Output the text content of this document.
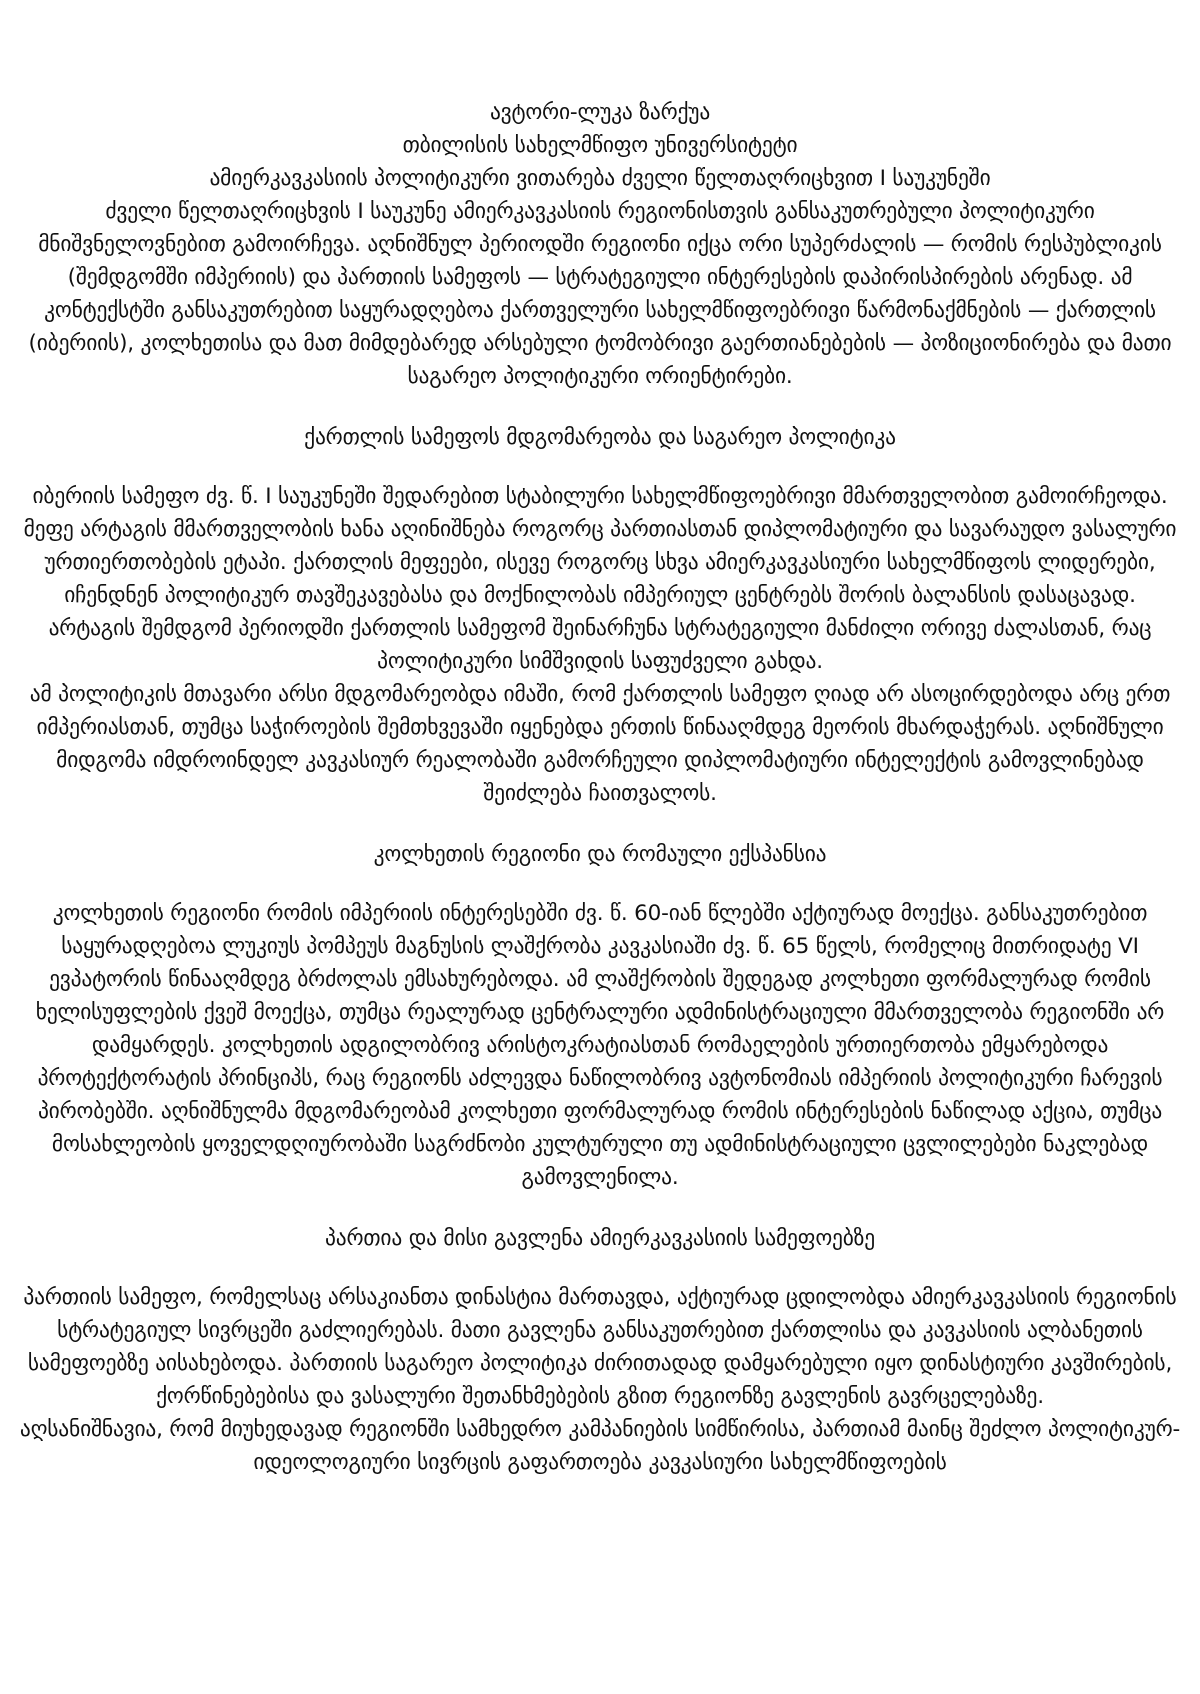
ავტორი-ლუკა ზარქუა

თბილისის სახელმწიფო უნივერსიტეტი

ამიერკავკასიის პოლიტიკური ვითარება ძველი წელთაღრიცხვით I საუკუნეში

ძველი წელთაღრიცხვის I საუკუნე ამიერკავკასიის რეგიონისთვის განსაკუთრებული პოლიტიკური მნიშვნელოვნებით გამოირჩევა. აღნიშნულ პერიოდში რეგიონი იქცა ორი სუპერძალის — რომის რესპუბლიკის (შემდგომში იმპერიის) და პართიის სამეფოს — სტრატეგიული ინტერესების დაპირისპირების არენად. ამ კონტექსტში განსაკუთრებით საყურადღებოა ქართველური სახელმწიფოებრივი წარმონაქმნების — ქართლის (იბერიის), კოლხეთისა და მათ მიმდებარედ არსებული ტომობრივი გაერთიანებების — პოზიციონირება და მათი საგარეო პოლიტიკური ორიენტირები.

ქართლის სამეფოს მდგომარეობა და საგარეო პოლიტიკა

იბერიის სამეფო ძვ. წ. I საუკუნეში შედარებით სტაბილური სახელმწიფოებრივი მმართველობით გამოირჩეოდა. მეფე არტაგის მმართველობის ხანა აღინიშნება როგორც პართიასთან დიპლომატიური და სავარაუდო ვასალური ურთიერთობების ეტაპი. ქართლის მეფეები, ისევე როგორც სხვა ამიერკავკასიური სახელმწიფოს ლიდერები, იჩენდნენ პოლიტიკურ თავშეკავებასა და მოქნილობას იმპერიულ ცენტრებს შორის ბალანსის დასაცავად. არტაგის შემდგომ პერიოდში ქართლის სამეფომ შეინარჩუნა სტრატეგიული მანძილი ორივე ძალასთან, რაც პოლიტიკური სიმშვიდის საფუძველი გახდა.

ამ პოლიტიკის მთავარი არსი მდგომარეობდა იმაში, რომ ქართლის სამეფო ღიად არ ასოცირდებოდა არც ერთ იმპერიასთან, თუმცა საჭიროების შემთხვევაში იყენებდა ერთის წინააღმდეგ მეორის მხარდაჭერას. აღნიშნული მიდგომა იმდროინდელ კავკასიურ რეალობაში გამორჩეული დიპლომატიური ინტელექტის გამოვლინებად შეიძლება ჩაითვალოს.

კოლხეთის რეგიონი და რომაული ექსპანსია

კოლხეთის რეგიონი რომის იმპერიის ინტერესებში ძვ. წ. 60-იან წლებში აქტიურად მოექცა. განსაკუთრებით საყურადღებოა ლუკიუს პომპეუს მაგნუსის ლაშქრობა კავკასიაში ძვ. წ. 65 წელს, რომელიც მითრიდატე VI ევპატორის წინააღმდეგ ბრძოლას ემსახურებოდა. ამ ლაშქრობის შედეგად კოლხეთი ფორმალურად რომის ხელისუფლების ქვეშ მოექცა, თუმცა რეალურად ცენტრალური ადმინისტრაციული მმართველობა რეგიონში არ დამყარდეს. კოლხეთის ადგილობრივ არისტოკრატიასთან რომაელების ურთიერთობა ემყარებოდა პროტექტორატის პრინციპს, რაც რეგიონს აძლევდა ნაწილობრივ ავტონომიას იმპერიის პოლიტიკური ჩარევის პირობებში. აღნიშნულმა მდგომარეობამ კოლხეთი ფორმალურად რომის ინტერესების ნაწილად აქცია, თუმცა მოსახლეობის ყოველდღიურობაში საგრძნობი კულტურული თუ ადმინისტრაციული ცვლილებები ნაკლებად გამოვლენილა.

პართია და მისი გავლენა ამიერკავკასიის სამეფოებზე

პართიის სამეფო, რომელსაც არსაკიანთა დინასტია მართავდა, აქტიურად ცდილობდა ამიერკავკასიის რეგიონის სტრატეგიულ სივრცეში გაძლიერებას. მათი გავლენა განსაკუთრებით ქართლისა და კავკასიის ალბანეთის სამეფოებზე აისახებოდა. პართიის საგარეო პოლიტიკა ძირითადად დამყარებული იყო დინასტიური კავშირების, ქორწინებებისა და ვასალური შეთანხმებების გზით რეგიონზე გავლენის გავრცელებაზე.

აღსანიშნავია, რომ მიუხედავად რეგიონში სამხედრო კამპანიების სიმწირისა, პართიამ მაინც შეძლო პოლიტიკურ-იდეოლოგიური სივრცის გაფართოება კავკასიური სახელმწიფოების
